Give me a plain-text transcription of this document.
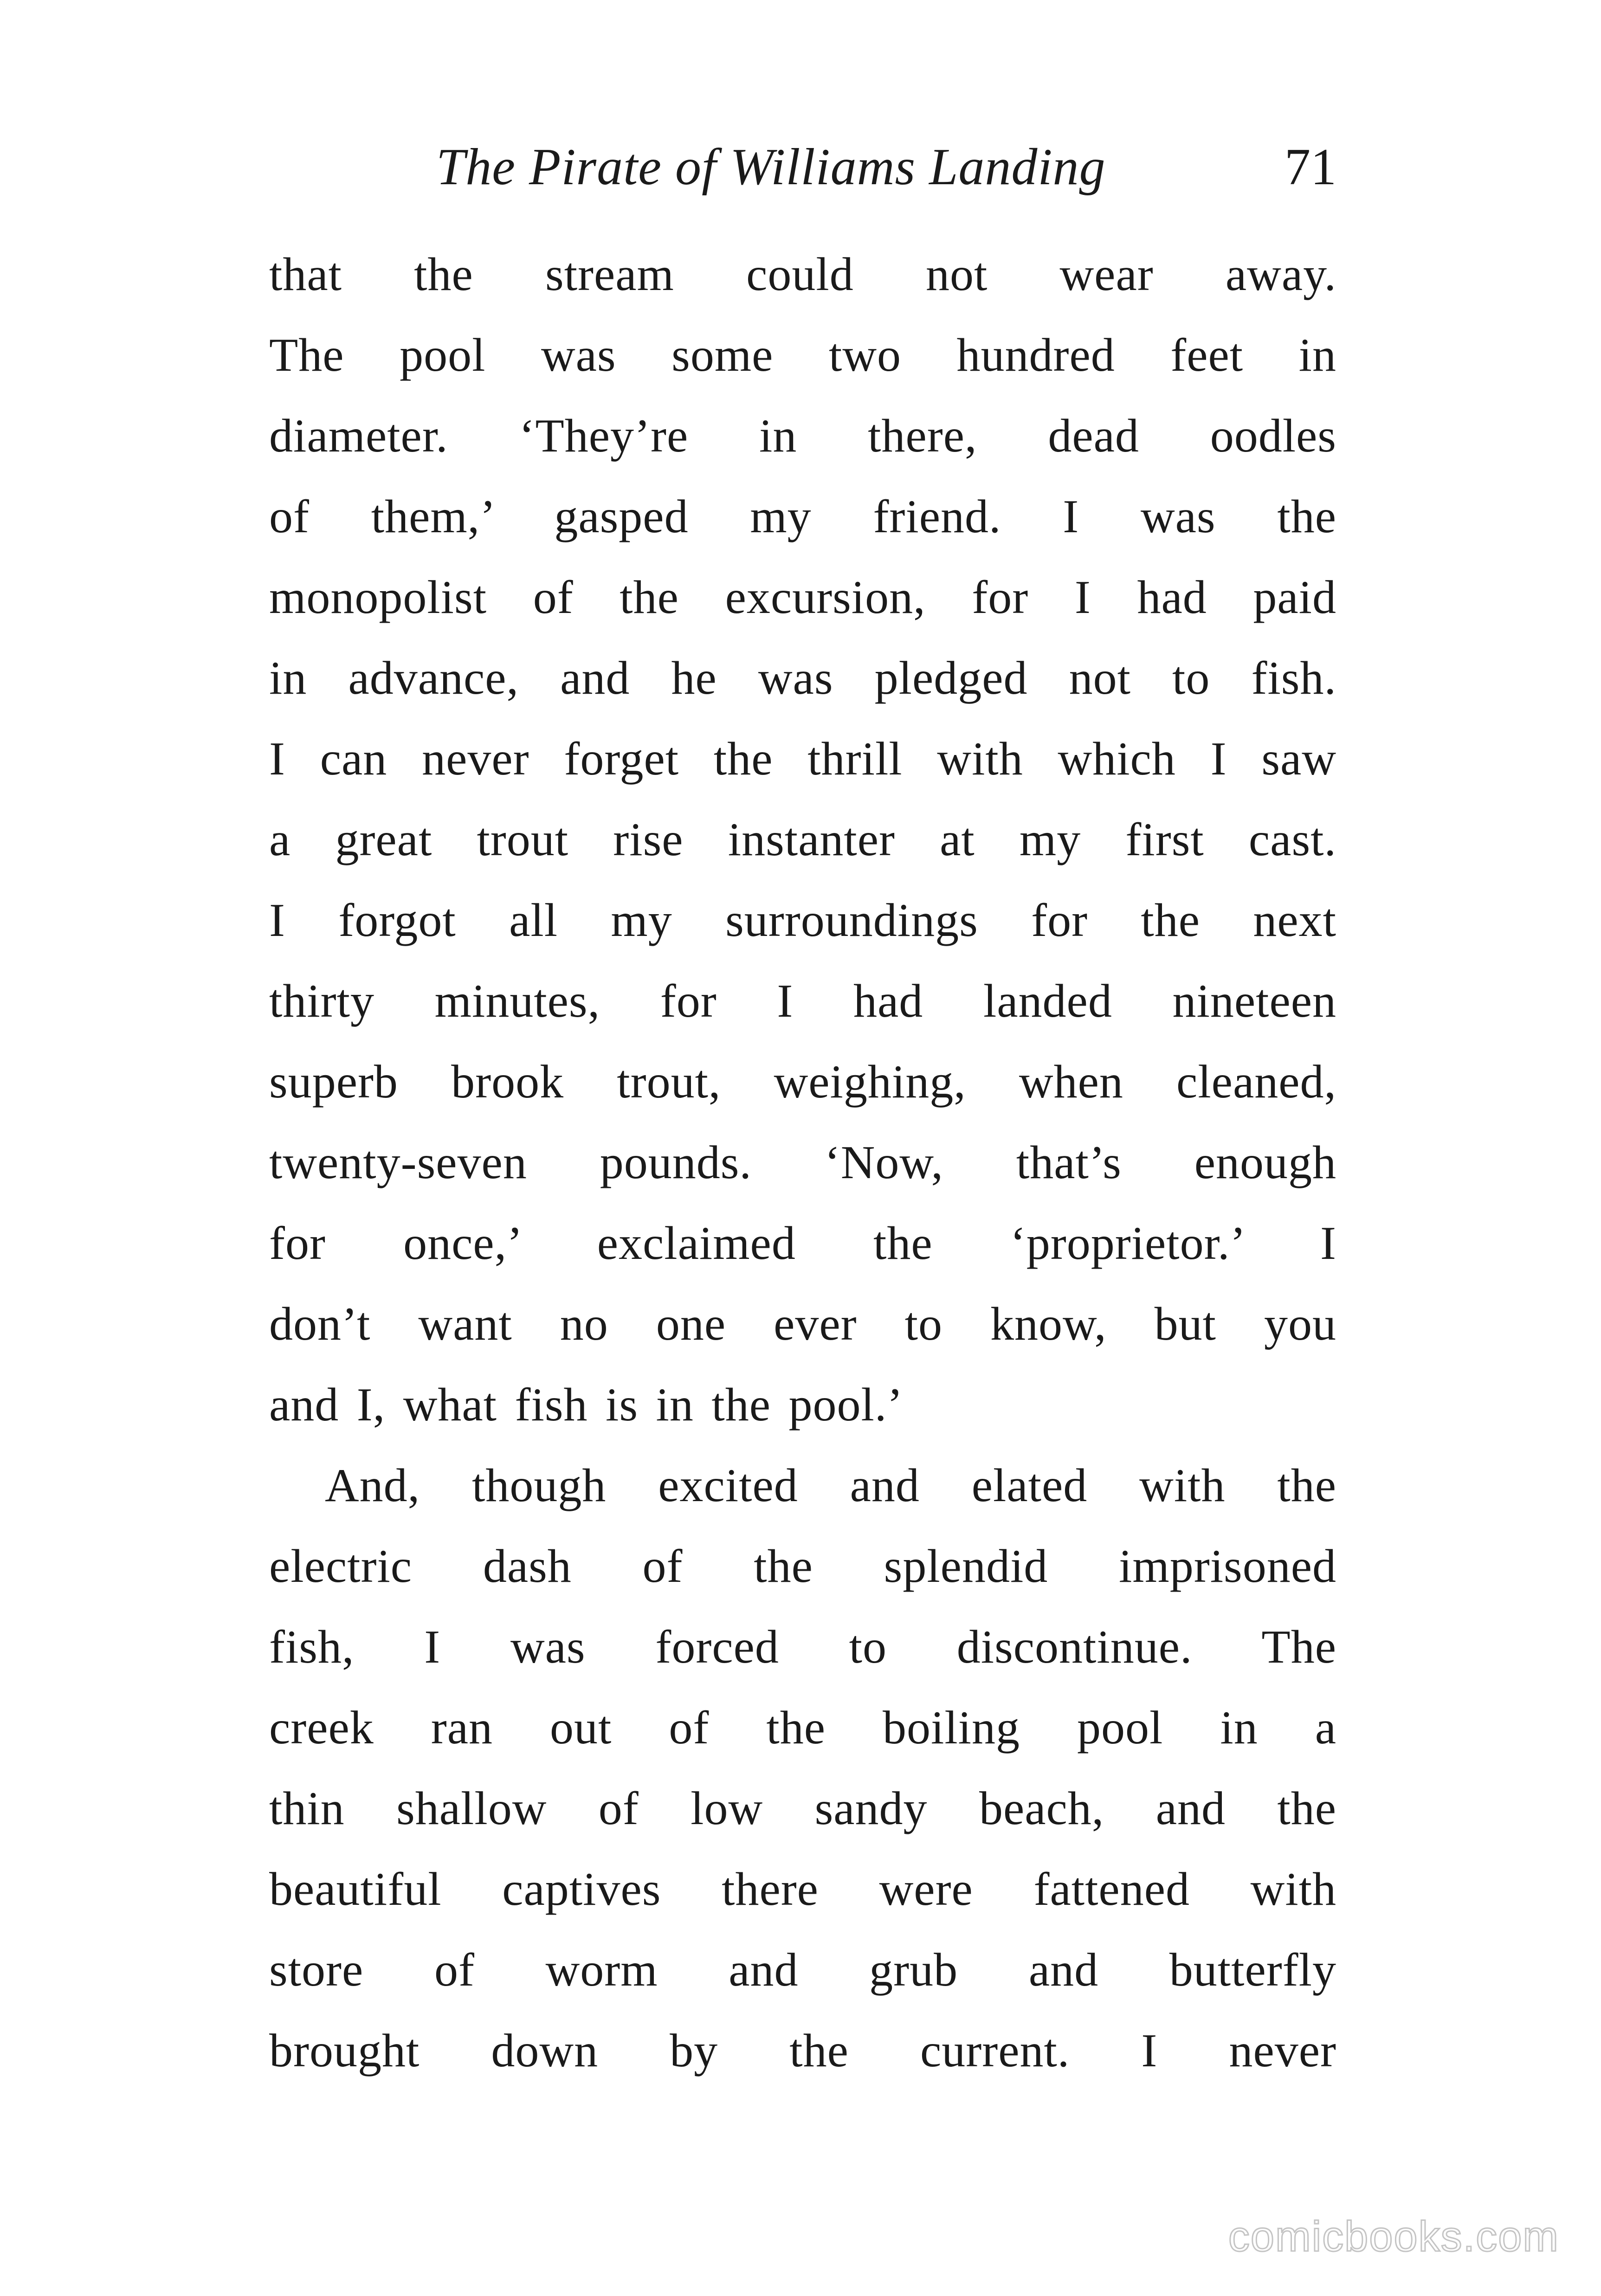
The Pirate of Williams Landing	71
that the stream could not wear away.
The pool was some two hundred feet in
diameter. ‘They’re in there, dead oodles
of them,’ gasped my friend. I was the
monopolist of the excursion, for I had paid
in advance, and he was pledged not to fish.
I can never forget the thrill with which I saw
a great trout rise instanter at my first cast.
I forgot all my surroundings for the next
thirty minutes, for I had landed nineteen
superb brook trout, weighing, when cleaned,
twenty-seven pounds. ‘Now, that’s enough
for once,’ exclaimed the ‘proprietor.’ I
don’t want no one ever to know, but you
and I, what fish is in the pool.’
And, though excited and elated with the
electric dash of the splendid imprisoned
fish, I was forced to discontinue. The
creek ran out of the boiling pool in a
thin shallow of low sandy beach, and the
beautiful captives there were fattened with
store of worm and grub and butterfly
brought down by the current. I never
comicbooks.com
